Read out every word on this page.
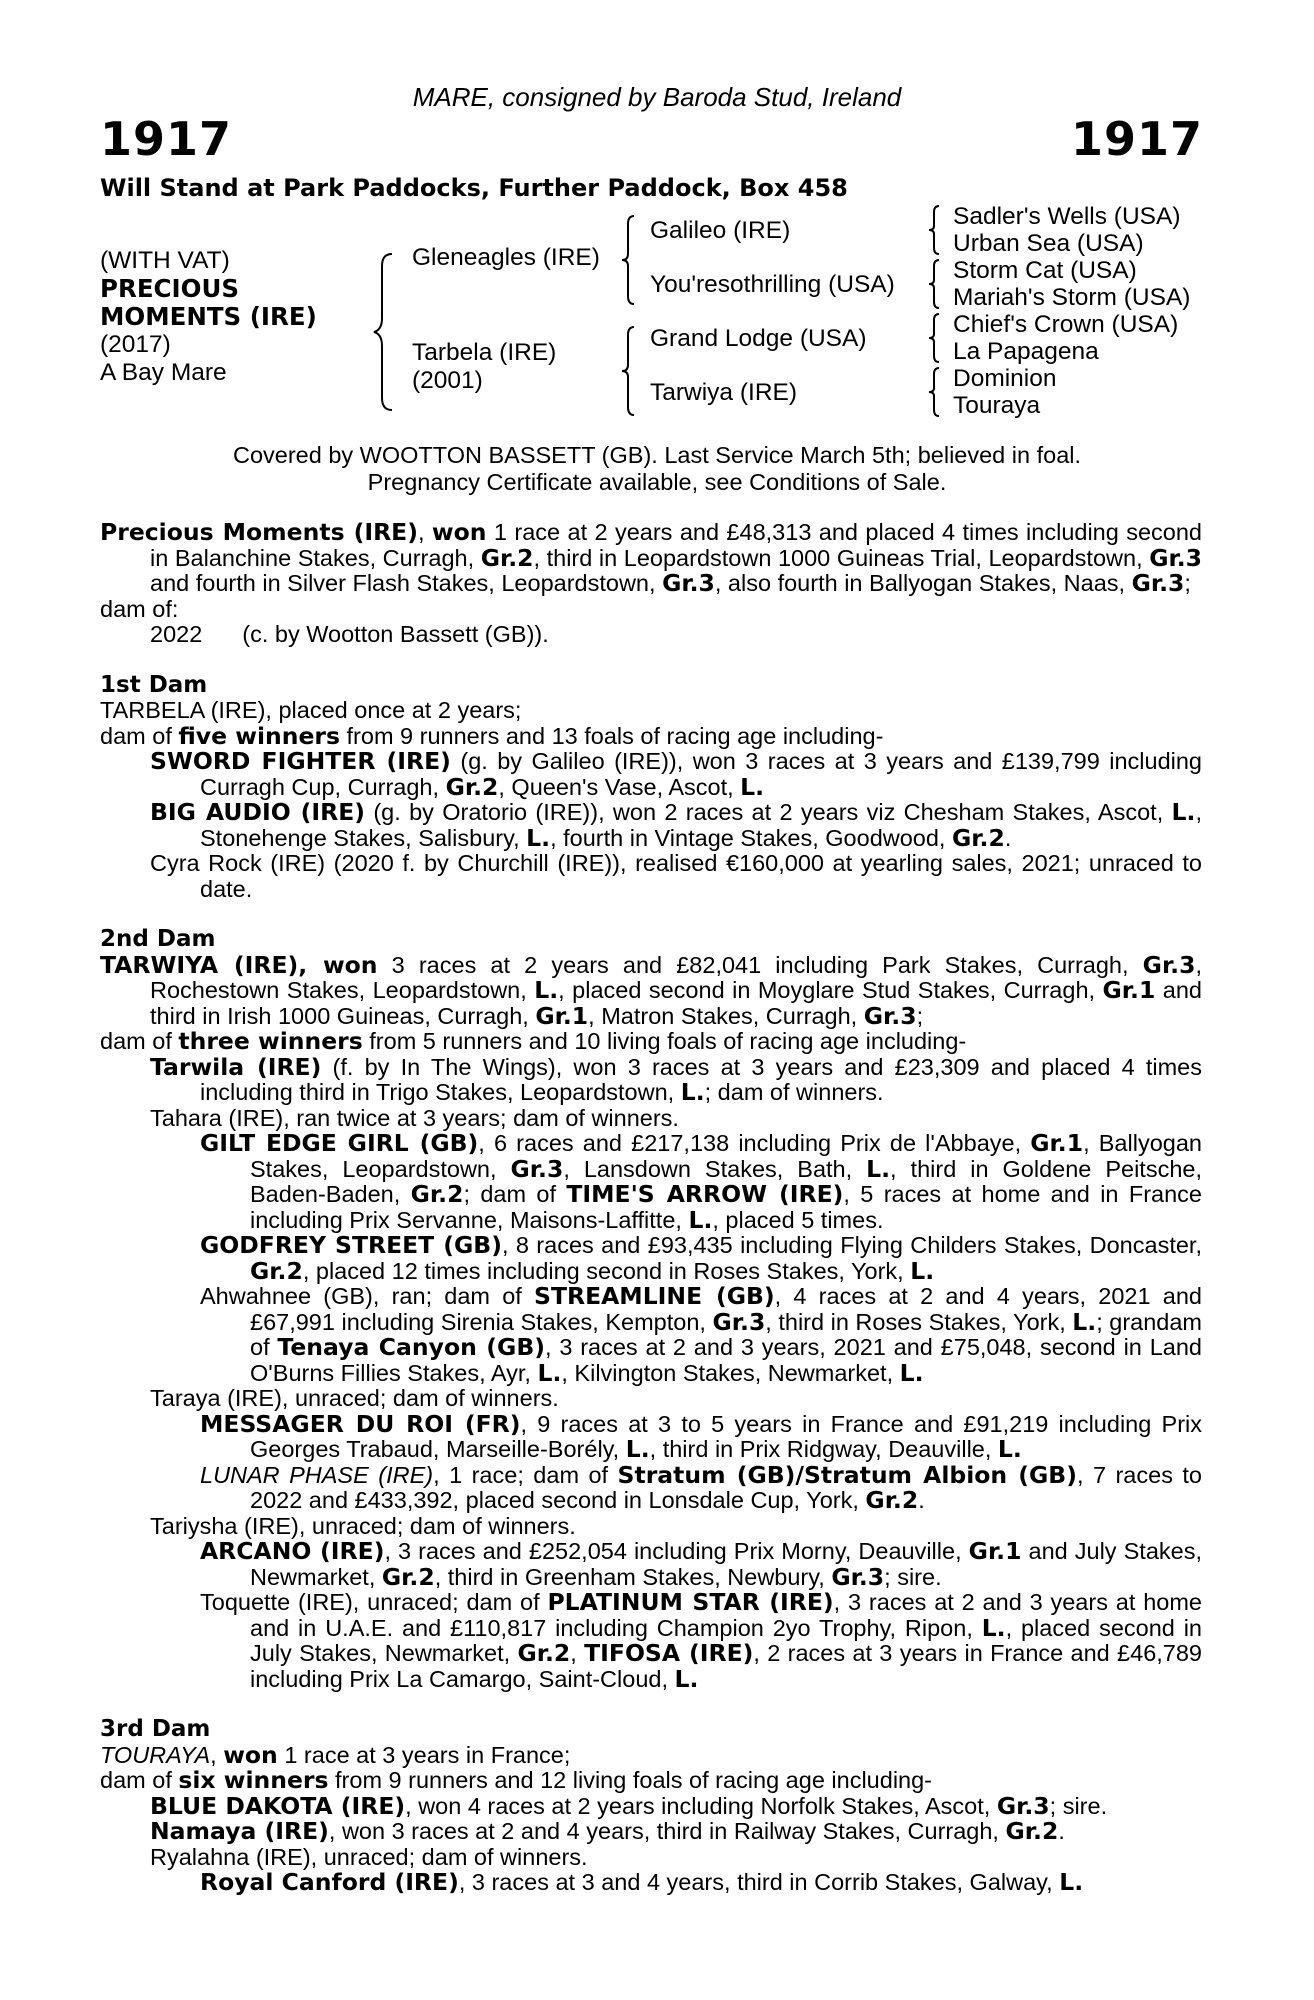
MARE, consigned by Baroda Stud, Ireland
1917	1917
Will Stand at Park Paddocks, Further Paddock, Box 458
(WITH VAT)
PRECIOUS
MOMENTS (IRE)
(2017)
A Bay Mare
Gleneagles (IRE)
Tarbela (IRE)
(2001)
Galileo (IRE)
You'resothrilling (USA)
Grand Lodge (USA)
Tarwiya (IRE)
Sadler's Wells (USA)
Urban Sea (USA)
Storm Cat (USA)
Mariah's Storm (USA)
Chief's Crown (USA)
La Papagena
Dominion
Touraya
Covered by WOOTTON BASSETT (GB). Last Service March 5th; believed in foal.
Pregnancy Certificate available, see Conditions of Sale.
Precious Moments (IRE), won 1 race at 2 years and £48,313 and placed 4 times including second in Balanchine Stakes, Curragh, Gr.2, third in Leopardstown 1000 Guineas Trial, Leopardstown, Gr.3 and fourth in Silver Flash Stakes, Leopardstown, Gr.3, also fourth in Ballyogan Stakes, Naas, Gr.3;
dam of:
2022 (c. by Wootton Bassett (GB)).
1st Dam
TARBELA (IRE), placed once at 2 years;
dam of five winners from 9 runners and 13 foals of racing age including-
SWORD FIGHTER (IRE) (g. by Galileo (IRE)), won 3 races at 3 years and £139,799 including Curragh Cup, Curragh, Gr.2, Queen's Vase, Ascot, L.
BIG AUDIO (IRE) (g. by Oratorio (IRE)), won 2 races at 2 years viz Chesham Stakes, Ascot, L., Stonehenge Stakes, Salisbury, L., fourth in Vintage Stakes, Goodwood, Gr.2.
Cyra Rock (IRE) (2020 f. by Churchill (IRE)), realised €160,000 at yearling sales, 2021; unraced to date.
2nd Dam
TARWIYA (IRE), won 3 races at 2 years and £82,041 including Park Stakes, Curragh, Gr.3, Rochestown Stakes, Leopardstown, L., placed second in Moyglare Stud Stakes, Curragh, Gr.1 and third in Irish 1000 Guineas, Curragh, Gr.1, Matron Stakes, Curragh, Gr.3;
dam of three winners from 5 runners and 10 living foals of racing age including-
Tarwila (IRE) (f. by In The Wings), won 3 races at 3 years and £23,309 and placed 4 times including third in Trigo Stakes, Leopardstown, L.; dam of winners.
Tahara (IRE), ran twice at 3 years; dam of winners.
GILT EDGE GIRL (GB), 6 races and £217,138 including Prix de l'Abbaye, Gr.1, Ballyogan Stakes, Leopardstown, Gr.3, Lansdown Stakes, Bath, L., third in Goldene Peitsche, Baden-Baden, Gr.2; dam of TIME'S ARROW (IRE), 5 races at home and in France including Prix Servanne, Maisons-Laffitte, L., placed 5 times.
GODFREY STREET (GB), 8 races and £93,435 including Flying Childers Stakes, Doncaster, Gr.2, placed 12 times including second in Roses Stakes, York, L.
Ahwahnee (GB), ran; dam of STREAMLINE (GB), 4 races at 2 and 4 years, 2021 and £67,991 including Sirenia Stakes, Kempton, Gr.3, third in Roses Stakes, York, L.; grandam of Tenaya Canyon (GB), 3 races at 2 and 3 years, 2021 and £75,048, second in Land O'Burns Fillies Stakes, Ayr, L., Kilvington Stakes, Newmarket, L.
Taraya (IRE), unraced; dam of winners.
MESSAGER DU ROI (FR), 9 races at 3 to 5 years in France and £91,219 including Prix Georges Trabaud, Marseille-Borély, L., third in Prix Ridgway, Deauville, L.
LUNAR PHASE (IRE), 1 race; dam of Stratum (GB)/Stratum Albion (GB), 7 races to 2022 and £433,392, placed second in Lonsdale Cup, York, Gr.2.
Tariysha (IRE), unraced; dam of winners.
ARCANO (IRE), 3 races and £252,054 including Prix Morny, Deauville, Gr.1 and July Stakes, Newmarket, Gr.2, third in Greenham Stakes, Newbury, Gr.3; sire.
Toquette (IRE), unraced; dam of PLATINUM STAR (IRE), 3 races at 2 and 3 years at home and in U.A.E. and £110,817 including Champion 2yo Trophy, Ripon, L., placed second in July Stakes, Newmarket, Gr.2, TIFOSA (IRE), 2 races at 3 years in France and £46,789 including Prix La Camargo, Saint-Cloud, L.
3rd Dam
TOURAYA, won 1 race at 3 years in France;
dam of six winners from 9 runners and 12 living foals of racing age including-
BLUE DAKOTA (IRE), won 4 races at 2 years including Norfolk Stakes, Ascot, Gr.3; sire.
Namaya (IRE), won 3 races at 2 and 4 years, third in Railway Stakes, Curragh, Gr.2.
Ryalahna (IRE), unraced; dam of winners.
Royal Canford (IRE), 3 races at 3 and 4 years, third in Corrib Stakes, Galway, L.
